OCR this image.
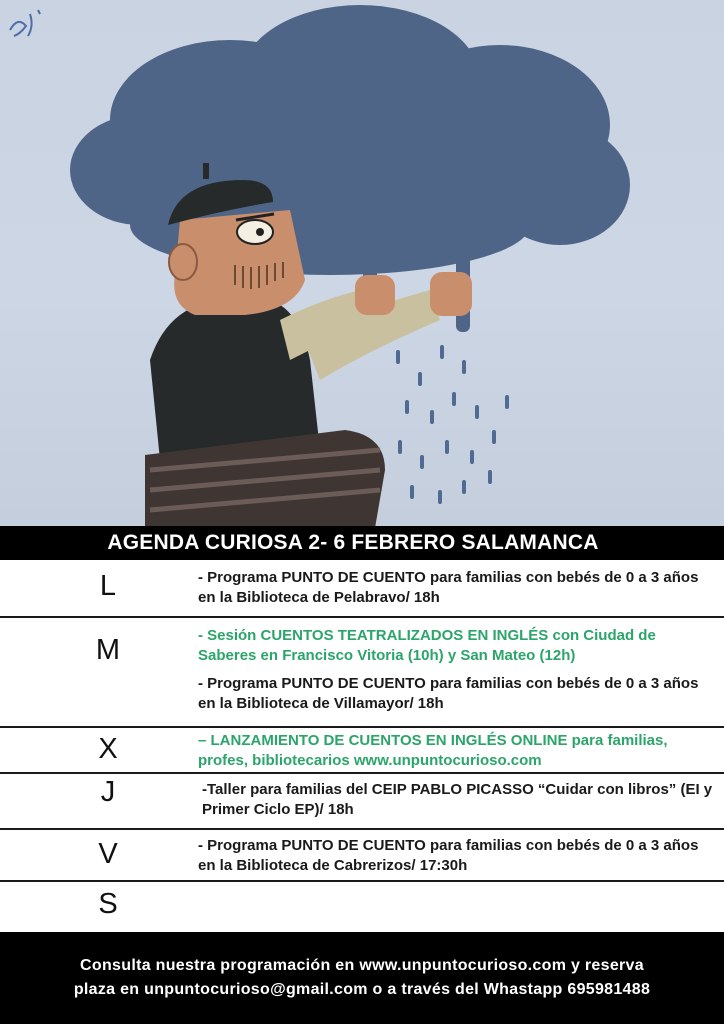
AGENDA CURIOSA 2- 6 FEBRERO SALAMANCA
L	- Programa PUNTO DE CUENTO para familias con bebés de 0 a 3 años en la Biblioteca de Pelabravo/ 18h
M	- Sesión CUENTOS TEATRALIZADOS EN INGLÉS con Ciudad de Saberes en Francisco Vitoria (10h) y San Mateo (12h)
- Programa PUNTO DE CUENTO para familias con bebés de 0 a 3 años en la Biblioteca de Villamayor/ 18h
X	– LANZAMIENTO DE CUENTOS EN INGLÉS ONLINE para familias, profes, bibliotecarios www.unpuntocurioso.com
J	-Taller para familias del CEIP PABLO PICASSO “Cuidar con libros” (EI y Primer Ciclo EP)/ 18h
V	- Programa PUNTO DE CUENTO para familias con bebés de 0 a 3 años en la Biblioteca de Cabrerizos/ 17:30h
S
Consulta nuestra programación en www.unpuntocurioso.com y reserva
plaza en unpuntocurioso@gmail.com o a través del Whastapp 695981488
